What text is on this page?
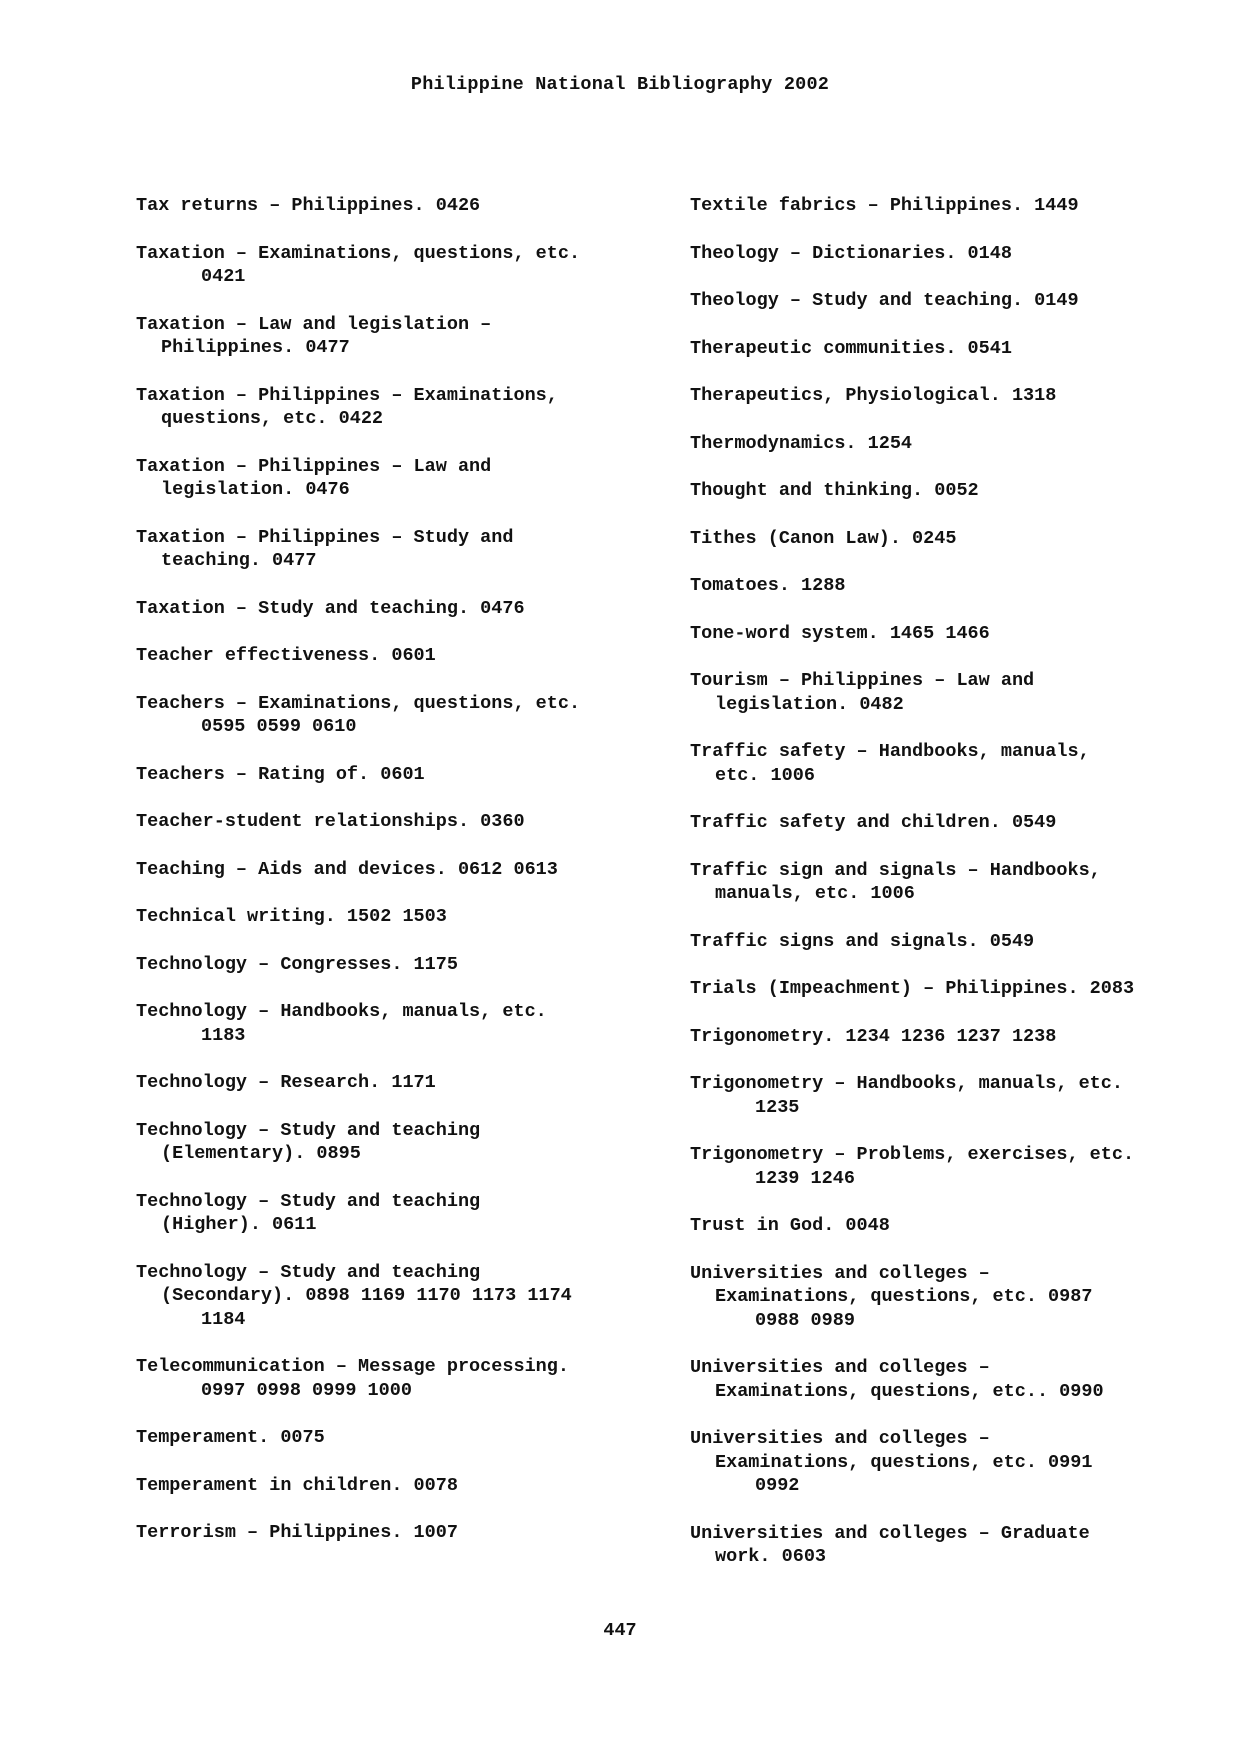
Philippine National Bibliography 2002
Tax returns – Philippines. 0426
Taxation – Examinations, questions, etc.
0421
Taxation – Law and legislation –
Philippines. 0477
Taxation – Philippines – Examinations,
questions, etc. 0422
Taxation – Philippines – Law and
legislation. 0476
Taxation – Philippines – Study and
teaching. 0477
Taxation – Study and teaching. 0476
Teacher effectiveness. 0601
Teachers – Examinations, questions, etc.
0595 0599 0610
Teachers – Rating of. 0601
Teacher-student relationships. 0360
Teaching – Aids and devices. 0612 0613
Technical writing. 1502 1503
Technology – Congresses. 1175
Technology – Handbooks, manuals, etc.
1183
Technology – Research. 1171
Technology – Study and teaching
(Elementary). 0895
Technology – Study and teaching
(Higher). 0611
Technology – Study and teaching
(Secondary). 0898 1169 1170 1173 1174
1184
Telecommunication – Message processing.
0997 0998 0999 1000
Temperament. 0075
Temperament in children. 0078
Terrorism – Philippines. 1007
Textile fabrics – Philippines. 1449
Theology – Dictionaries. 0148
Theology – Study and teaching. 0149
Therapeutic communities. 0541
Therapeutics, Physiological. 1318
Thermodynamics. 1254
Thought and thinking. 0052
Tithes (Canon Law). 0245
Tomatoes. 1288
Tone-word system. 1465 1466
Tourism – Philippines – Law and
legislation. 0482
Traffic safety – Handbooks, manuals,
etc. 1006
Traffic safety and children. 0549
Traffic sign and signals – Handbooks,
manuals, etc. 1006
Traffic signs and signals. 0549
Trials (Impeachment) – Philippines. 2083
Trigonometry. 1234 1236 1237 1238
Trigonometry – Handbooks, manuals, etc.
1235
Trigonometry – Problems, exercises, etc.
1239 1246
Trust in God. 0048
Universities and colleges –
Examinations, questions, etc. 0987
0988 0989
Universities and colleges –
Examinations, questions, etc.. 0990
Universities and colleges –
Examinations, questions, etc. 0991
0992
Universities and colleges – Graduate
work. 0603
447
